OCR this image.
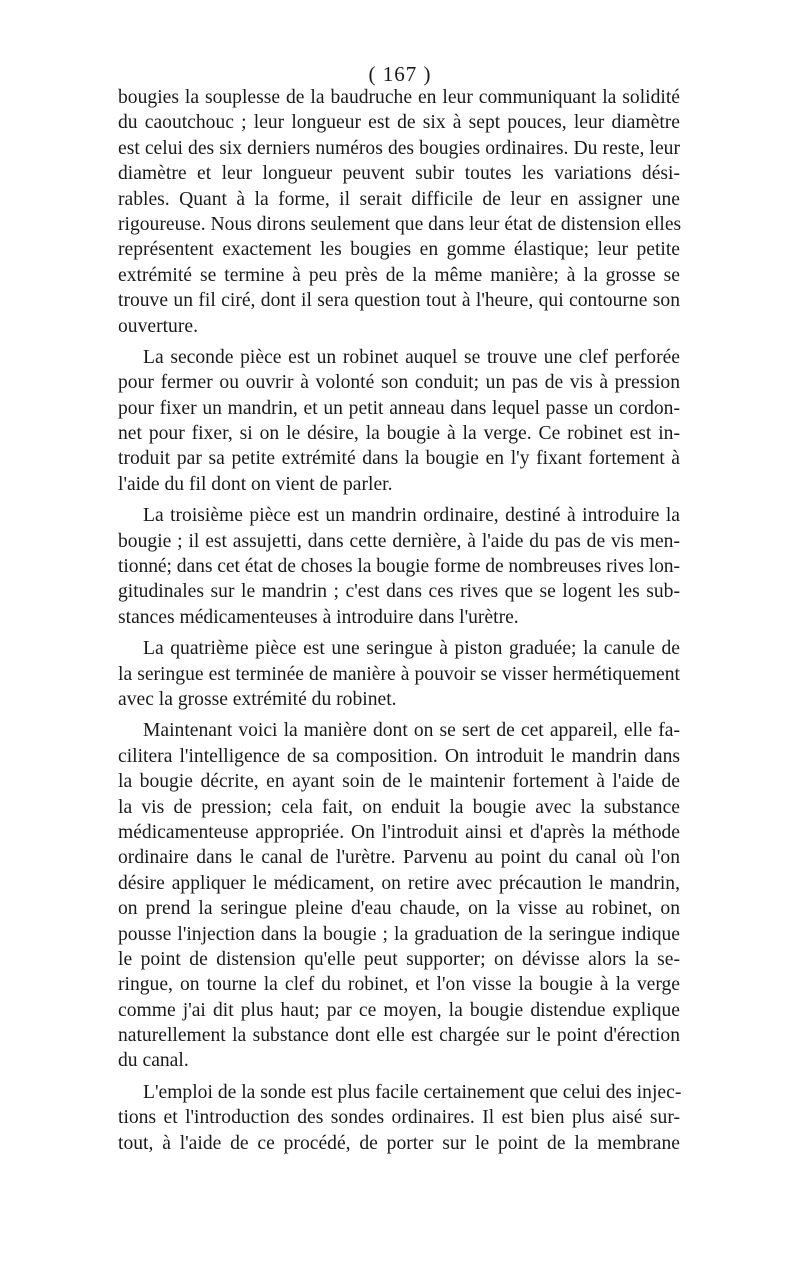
( 167 )
bougies la souplesse de la baudruche en leur communiquant la solidité
du caoutchouc ; leur longueur est de six à sept pouces, leur diamètre
est celui des six derniers numéros des bougies ordinaires. Du reste, leur
diamètre et leur longueur peuvent subir toutes les variations dési-
rables. Quant à la forme, il serait difficile de leur en assigner une
rigoureuse. Nous dirons seulement que dans leur état de distension elles
représentent exactement les bougies en gomme élastique; leur petite
extrémité se termine à peu près de la même manière; à la grosse se
trouve un fil ciré, dont il sera question tout à l'heure, qui contourne son
ouverture.
La seconde pièce est un robinet auquel se trouve une clef perforée
pour fermer ou ouvrir à volonté son conduit; un pas de vis à pression
pour fixer un mandrin, et un petit anneau dans lequel passe un cordon-
net pour fixer, si on le désire, la bougie à la verge. Ce robinet est in-
troduit par sa petite extrémité dans la bougie en l'y fixant fortement à
l'aide du fil dont on vient de parler.
La troisième pièce est un mandrin ordinaire, destiné à introduire la
bougie ; il est assujetti, dans cette dernière, à l'aide du pas de vis men-
tionné; dans cet état de choses la bougie forme de nombreuses rives lon-
gitudinales sur le mandrin ; c'est dans ces rives que se logent les sub-
stances médicamenteuses à introduire dans l'urètre.
La quatrième pièce est une seringue à piston graduée; la canule de
la seringue est terminée de manière à pouvoir se visser hermétiquement
avec la grosse extrémité du robinet.
Maintenant voici la manière dont on se sert de cet appareil, elle fa-
cilitera l'intelligence de sa composition. On introduit le mandrin dans
la bougie décrite, en ayant soin de le maintenir fortement à l'aide de
la vis de pression; cela fait, on enduit la bougie avec la substance
médicamenteuse appropriée. On l'introduit ainsi et d'après la méthode
ordinaire dans le canal de l'urètre. Parvenu au point du canal où l'on
désire appliquer le médicament, on retire avec précaution le mandrin,
on prend la seringue pleine d'eau chaude, on la visse au robinet, on
pousse l'injection dans la bougie ; la graduation de la seringue indique
le point de distension qu'elle peut supporter; on dévisse alors la se-
ringue, on tourne la clef du robinet, et l'on visse la bougie à la verge
comme j'ai dit plus haut; par ce moyen, la bougie distendue explique
naturellement la substance dont elle est chargée sur le point d'érection
du canal.
L'emploi de la sonde est plus facile certainement que celui des injec-
tions et l'introduction des sondes ordinaires. Il est bien plus aisé sur-
tout, à l'aide de ce procédé, de porter sur le point de la membrane
